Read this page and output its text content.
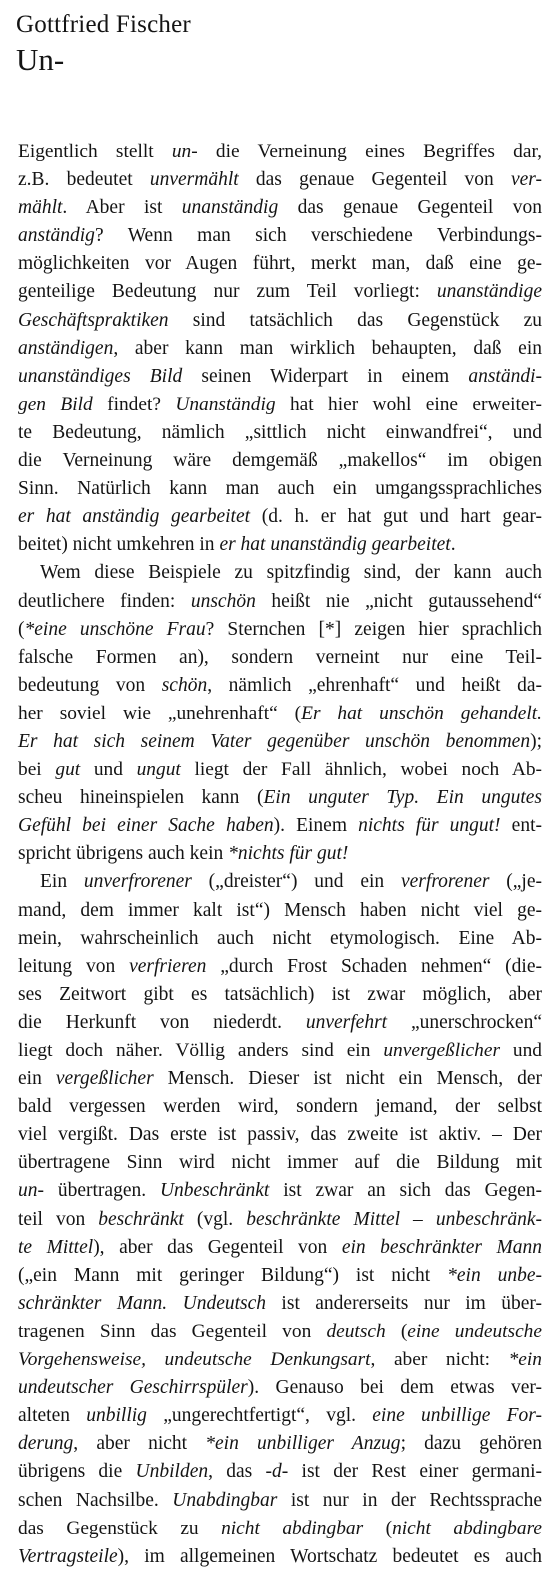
Gottfried Fischer
Un-
Eigentlich stellt un- die Verneinung eines Begriffes dar,
z.B. bedeutet unvermählt das genaue Gegenteil von ver-
mählt. Aber ist unanständig das genaue Gegenteil von
anständig? Wenn man sich verschiedene Verbindungs-
möglichkeiten vor Augen führt, merkt man, daß eine ge-
genteilige Bedeutung nur zum Teil vorliegt: unanständige
Geschäftspraktiken sind tatsächlich das Gegenstück zu
anständigen, aber kann man wirklich behaupten, daß ein
unanständiges Bild seinen Widerpart in einem anständi-
gen Bild findet? Unanständig hat hier wohl eine erweiter-
te Bedeutung, nämlich „sittlich nicht einwandfrei“, und
die Verneinung wäre demgemäß „makellos“ im obigen
Sinn. Natürlich kann man auch ein umgangssprachliches
er hat anständig gearbeitet (d. h. er hat gut und hart gear-
beitet) nicht umkehren in er hat unanständig gearbeitet.
Wem diese Beispiele zu spitzfindig sind, der kann auch
deutlichere finden: unschön heißt nie „nicht gutaussehend“
(*eine unschöne Frau? Sternchen [*] zeigen hier sprachlich
falsche Formen an), sondern verneint nur eine Teil-
bedeutung von schön, nämlich „ehrenhaft“ und heißt da-
her soviel wie „unehrenhaft“ (Er hat unschön gehandelt.
Er hat sich seinem Vater gegenüber unschön benommen);
bei gut und ungut liegt der Fall ähnlich, wobei noch Ab-
scheu hineinspielen kann (Ein unguter Typ. Ein ungutes
Gefühl bei einer Sache haben). Einem nichts für ungut! ent-
spricht übrigens auch kein *nichts für gut!
Ein unverfrorener („dreister“) und ein verfrorener („je-
mand, dem immer kalt ist“) Mensch haben nicht viel ge-
mein, wahrscheinlich auch nicht etymologisch. Eine Ab-
leitung von verfrieren „durch Frost Schaden nehmen“ (die-
ses Zeitwort gibt es tatsächlich) ist zwar möglich, aber
die Herkunft von niederdt. unverfehrt „unerschrocken“
liegt doch näher. Völlig anders sind ein unvergeßlicher und
ein vergeßlicher Mensch. Dieser ist nicht ein Mensch, der
bald vergessen werden wird, sondern jemand, der selbst
viel vergißt. Das erste ist passiv, das zweite ist aktiv. – Der
übertragene Sinn wird nicht immer auf die Bildung mit
un- übertragen. Unbeschränkt ist zwar an sich das Gegen-
teil von beschränkt (vgl. beschränkte Mittel – unbeschränk-
te Mittel), aber das Gegenteil von ein beschränkter Mann
(„ein Mann mit geringer Bildung“) ist nicht *ein unbe-
schränkter Mann. Undeutsch ist andererseits nur im über-
tragenen Sinn das Gegenteil von deutsch (eine undeutsche
Vorgehensweise, undeutsche Denkungsart, aber nicht: *ein
undeutscher Geschirrspüler). Genauso bei dem etwas ver-
alteten unbillig „ungerechtfertigt“, vgl. eine unbillige For-
derung, aber nicht *ein unbilliger Anzug; dazu gehören
übrigens die Unbilden, das -d- ist der Rest einer germani-
schen Nachsilbe. Unabdingbar ist nur in der Rechtssprache
das Gegenstück zu nicht abdingbar (nicht abdingbare
Vertragsteile), im allgemeinen Wortschatz bedeutet es auch
